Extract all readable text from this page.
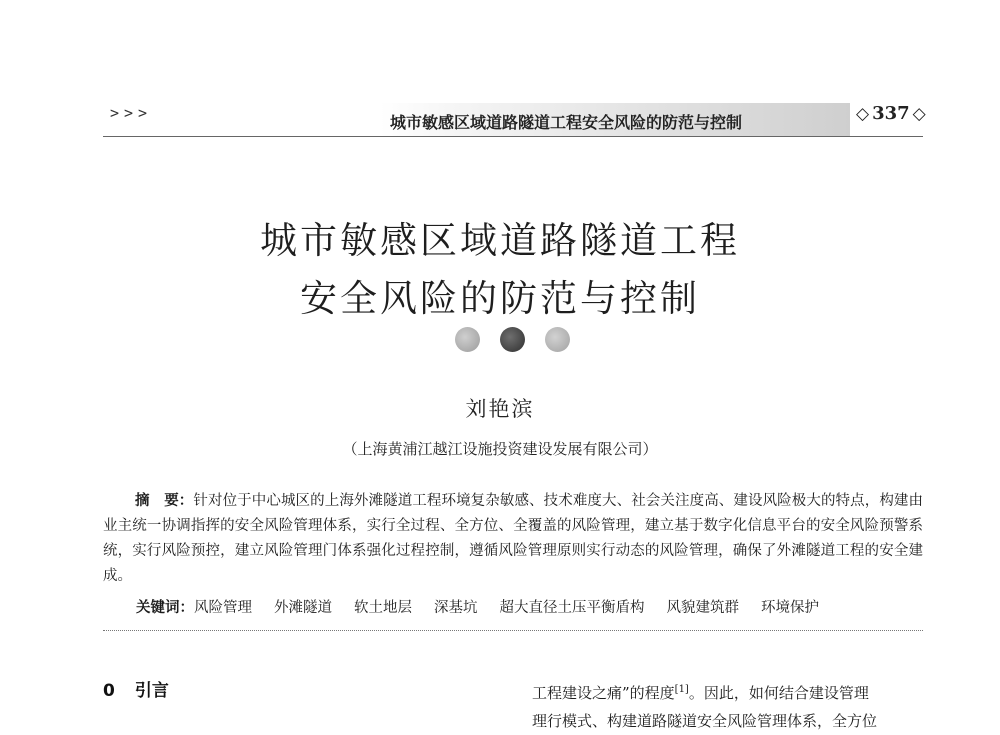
>>>	城市敏感区域道路隧道工程安全风险的防范与控制	◇ 337 ◇
城市敏感区域道路隧道工程
安全风险的防范与控制
刘艳滨
（上海黄浦江越江设施投资建设发展有限公司）
摘　要：针对位于中心城区的上海外滩隧道工程环境复杂敏感、技术难度大、社会关注度高、建设风险极大的特点，构建由业主统一协调指挥的安全风险管理体系，实行全过程、全方位、全覆盖的风险管理，建立基于数字化信息平台的安全风险预警系统，实行风险预控，建立风险管理门体系强化过程控制，遵循风险管理原则实行动态的风险管理，确保了外滩隧道工程的安全建成。
关键词：风险管理 外滩隧道 软土地层 深基坑 超大直径土压平衡盾构 风貌建筑群 环境保护
0 引言	工程建设之痛”的程度[1]。因此，如何结合建设管理
理行模式、构建道路隧道安全风险管理体系，全方位
